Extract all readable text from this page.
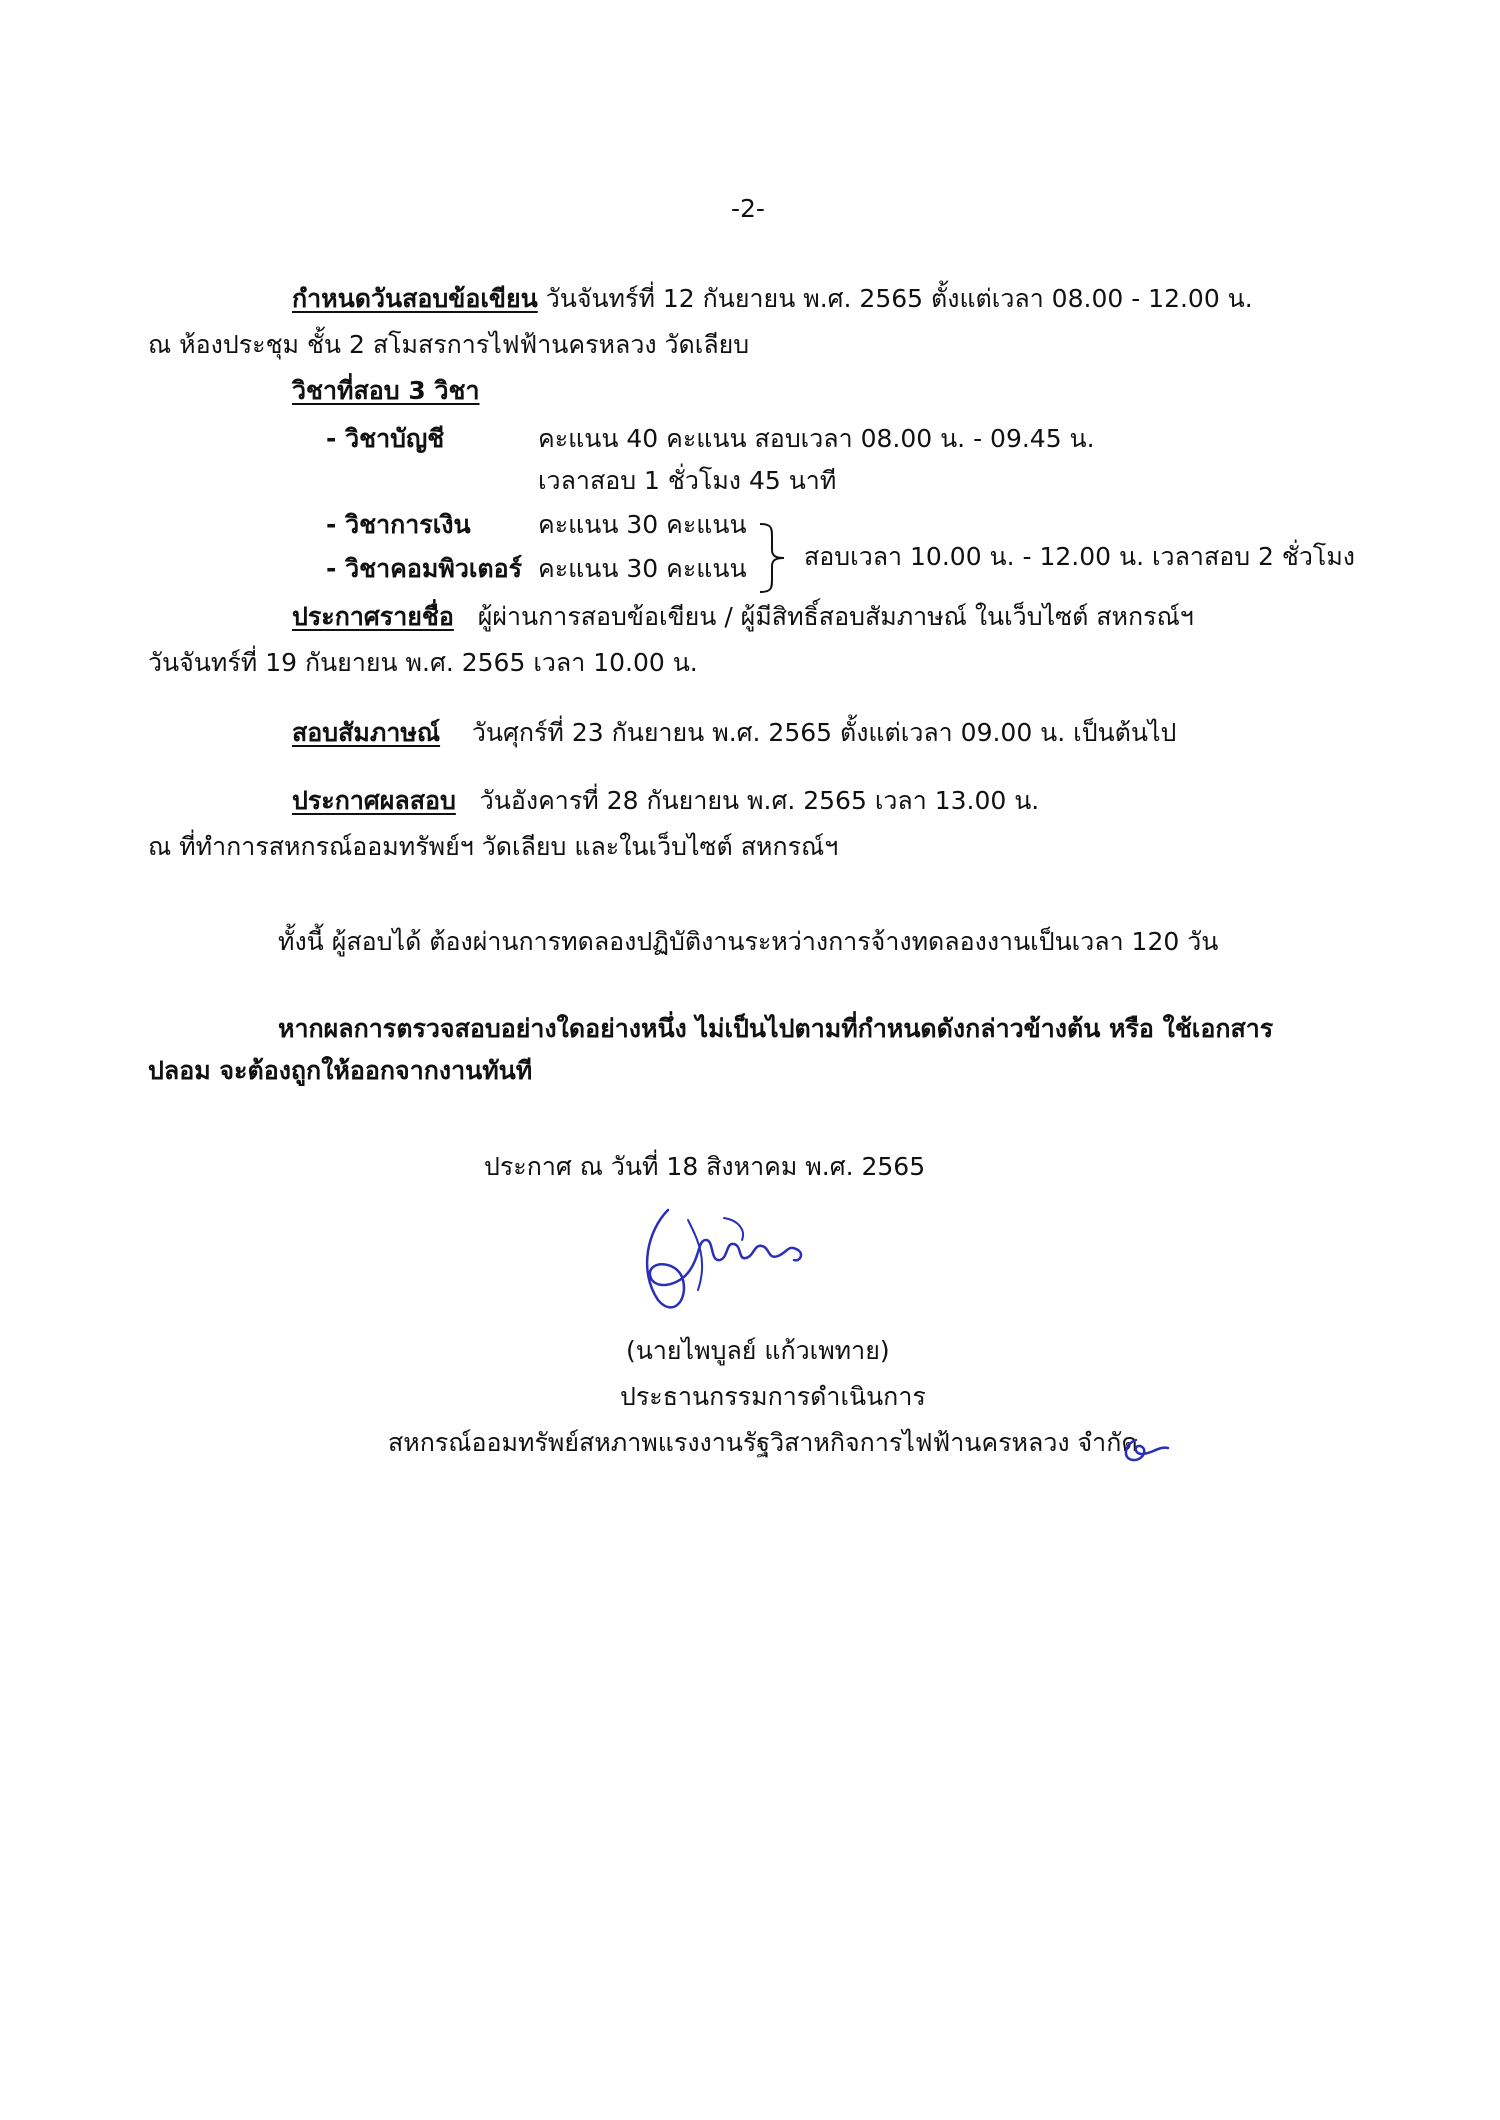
-2-
กำหนดวันสอบข้อเขียน วันจันทร์ที่ 12 กันยายน พ.ศ. 2565 ตั้งแต่เวลา 08.00 - 12.00 น.
ณ ห้องประชุม ชั้น 2 สโมสรการไฟฟ้านครหลวง วัดเลียบ
วิชาที่สอบ 3 วิชา
- วิชาบัญชี	คะแนน 40 คะแนน สอบเวลา 08.00 น. - 09.45 น.
เวลาสอบ 1 ชั่วโมง 45 นาที
- วิชาการเงิน	คะแนน 30 คะแนน
- วิชาคอมพิวเตอร์ คะแนน 30 คะแนน สอบเวลา 10.00 น. - 12.00 น. เวลาสอบ 2 ชั่วโมง
ประกาศรายชื่อ ผู้ผ่านการสอบข้อเขียน / ผู้มีสิทธิ์สอบสัมภาษณ์ ในเว็บไซต์ สหกรณ์ฯ
วันจันทร์ที่ 19 กันยายน พ.ศ. 2565 เวลา 10.00 น.
สอบสัมภาษณ์ วันศุกร์ที่ 23 กันยายน พ.ศ. 2565 ตั้งแต่เวลา 09.00 น. เป็นต้นไป
ประกาศผลสอบ วันอังคารที่ 28 กันยายน พ.ศ. 2565 เวลา 13.00 น.
ณ ที่ทำการสหกรณ์ออมทรัพย์ฯ วัดเลียบ และในเว็บไซต์ สหกรณ์ฯ
ทั้งนี้ ผู้สอบได้ ต้องผ่านการทดลองปฏิบัติงานระหว่างการจ้างทดลองงานเป็นเวลา 120 วัน
หากผลการตรวจสอบอย่างใดอย่างหนึ่ง ไม่เป็นไปตามที่กำหนดดังกล่าวข้างต้น หรือ ใช้เอกสาร
ปลอม จะต้องถูกให้ออกจากงานทันที
ประกาศ ณ วันที่ 18 สิงหาคม พ.ศ. 2565
(นายไพบูลย์ แก้วเพทาย)
ประธานกรรมการดำเนินการ
สหกรณ์ออมทรัพย์สหภาพแรงงานรัฐวิสาหกิจการไฟฟ้านครหลวง จำกัด
